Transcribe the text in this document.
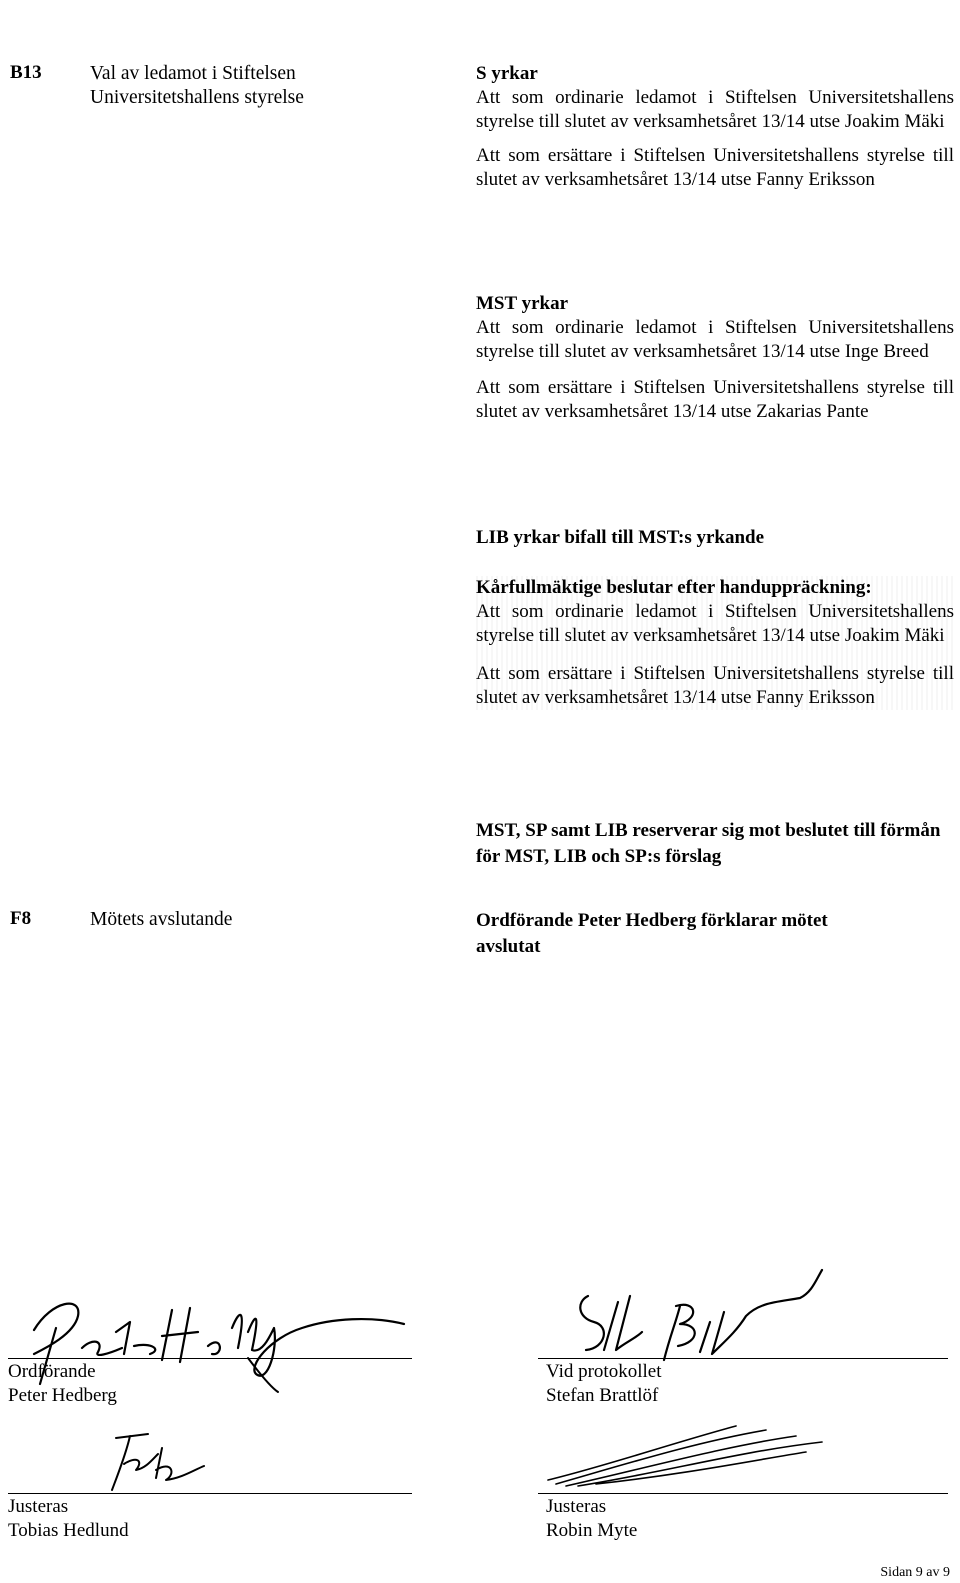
B13 Val av ledamot i Stiftelsen
Universitetshallens styrelse

S yrkar

Att som ordinarie ledamot i Stiftelsen Universitetshallens styrelse till slutet av verksamhetsåret 13/14 utse Joakim Mäki

Att som ersättare i Stiftelsen Universitetshallens styrelse till slutet av verksamhetsåret 13/14 utse Fanny Eriksson

MST yrkar

Att som ordinarie ledamot i Stiftelsen Universitetshallens styrelse till slutet av verksamhetsåret 13/14 utse Inge Breed

Att som ersättare i Stiftelsen Universitetshallens styrelse till slutet av verksamhetsåret 13/14 utse Zakarias Pante

LIB yrkar bifall till MST:s yrkande

Kårfullmäktige beslutar efter handuppräckning:

Att som ordinarie ledamot i Stiftelsen Universitetshallens styrelse till slutet av verksamhetsåret 13/14 utse Joakim Mäki

Att som ersättare i Stiftelsen Universitetshallens styrelse till slutet av verksamhetsåret 13/14 utse Fanny Eriksson

MST, SP samt LIB reserverar sig mot beslutet till förmån för MST, LIB och SP:s förslag

F8	Mötets avslutande	Ordförande Peter Hedberg förklarar mötet avslutat

Ordförande
Peter Hedberg
Vid protokollet
Stefan Brattlöf
Justeras
Tobias Hedlund
Justeras
Robin Myte
Sidan 9 av 9
